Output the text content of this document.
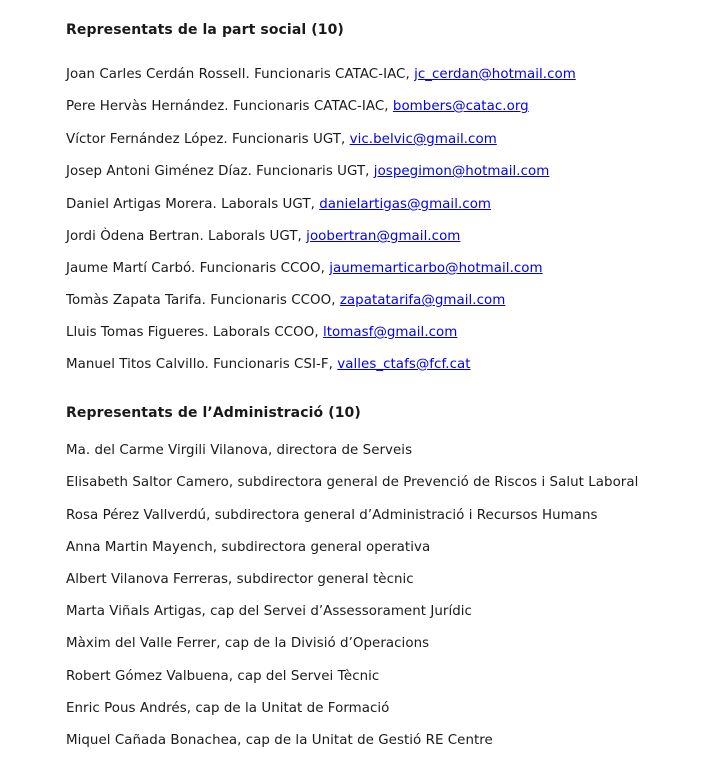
Representats de la part social (10)
Joan Carles Cerdán Rossell. Funcionaris CATAC-IAC, jc_cerdan@hotmail.com
Pere Hervàs Hernández. Funcionaris CATAC-IAC, bombers@catac.org
Víctor Fernández López. Funcionaris UGT, vic.belvic@gmail.com
Josep Antoni Giménez Díaz. Funcionaris UGT, jospegimon@hotmail.com
Daniel Artigas Morera. Laborals UGT, danielartigas@gmail.com
Jordi Òdena Bertran. Laborals UGT, joobertran@gmail.com
Jaume Martí Carbó. Funcionaris CCOO, jaumemarticarbo@hotmail.com
Tomàs Zapata Tarifa. Funcionaris CCOO, zapatatarifa@gmail.com
Lluis Tomas Figueres. Laborals CCOO, ltomasf@gmail.com
Manuel Titos Calvillo. Funcionaris CSI-F, valles_ctafs@fcf.cat
Representats de l’Administració (10)
Ma. del Carme Virgili Vilanova, directora de Serveis
Elisabeth Saltor Camero, subdirectora general de Prevenció de Riscos i Salut Laboral
Rosa Pérez Vallverdú, subdirectora general d’Administració i Recursos Humans
Anna Martin Mayench, subdirectora general operativa
Albert Vilanova Ferreras, subdirector general tècnic
Marta Viñals Artigas, cap del Servei d’Assessorament Jurídic
Màxim del Valle Ferrer, cap de la Divisió d’Operacions
Robert Gómez Valbuena, cap del Servei Tècnic
Enric Pous Andrés, cap de la Unitat de Formació
Miquel Cañada Bonachea, cap de la Unitat de Gestió RE Centre
